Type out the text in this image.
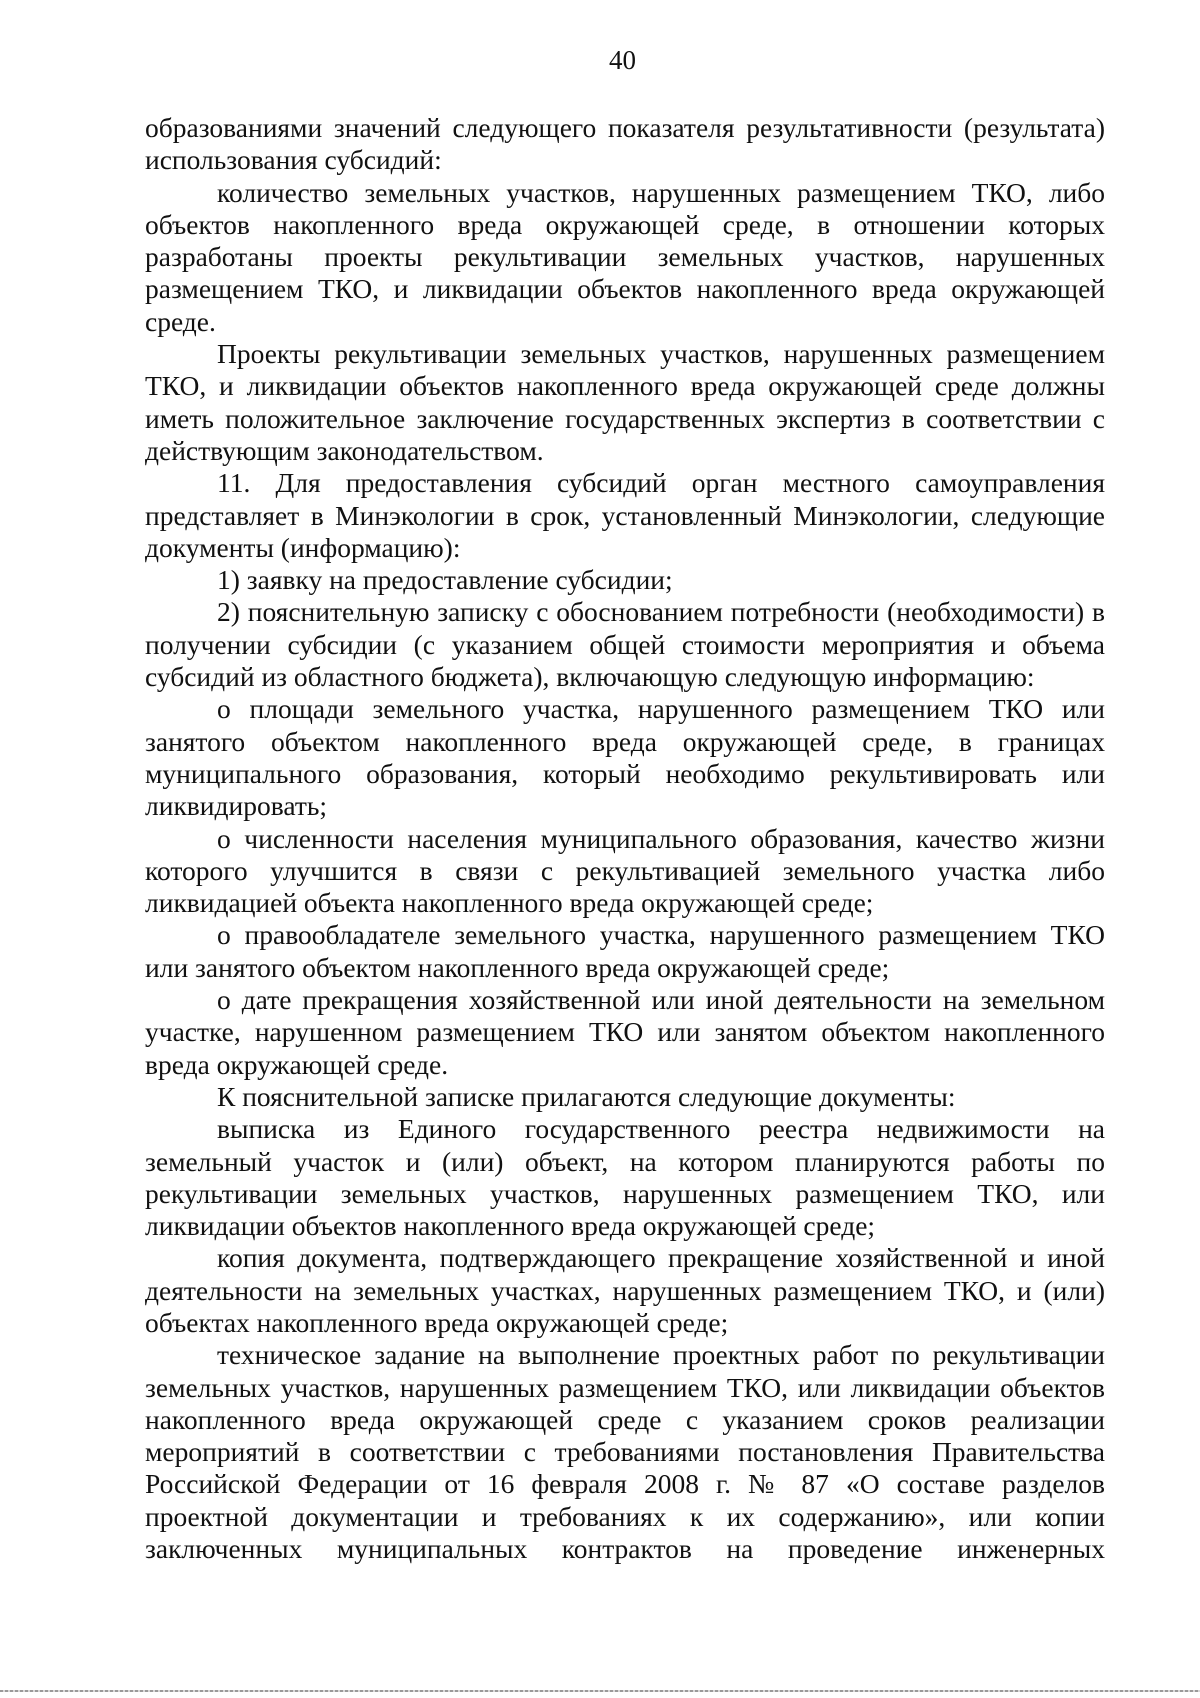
40

образованиями значений следующего показателя результативности (результата) использования субсидий:

количество земельных участков, нарушенных размещением ТКО, либо объектов накопленного вреда окружающей среде, в отношении которых разработаны проекты рекультивации земельных участков, нарушенных размещением ТКО, и ликвидации объектов накопленного вреда окружающей среде.

Проекты рекультивации земельных участков, нарушенных размещением ТКО, и ликвидации объектов накопленного вреда окружающей среде должны иметь положительное заключение государственных экспертиз в соответствии с действующим законодательством.

11. Для предоставления субсидий орган местного самоуправления представляет в Минэкологии в срок, установленный Минэкологии, следующие документы (информацию):

1) заявку на предоставление субсидии;

2) пояснительную записку с обоснованием потребности (необходимости) в получении субсидии (с указанием общей стоимости мероприятия и объема субсидий из областного бюджета), включающую следующую информацию:

о площади земельного участка, нарушенного размещением ТКО или занятого объектом накопленного вреда окружающей среде, в границах муниципального образования, который необходимо рекультивировать или ликвидировать;

о численности населения муниципального образования, качество жизни которого улучшится в связи с рекультивацией земельного участка либо ликвидацией объекта накопленного вреда окружающей среде;

о правообладателе земельного участка, нарушенного размещением ТКО или занятого объектом накопленного вреда окружающей среде;

о дате прекращения хозяйственной или иной деятельности на земельном участке, нарушенном размещением ТКО или занятом объектом накопленного вреда окружающей среде.

К пояснительной записке прилагаются следующие документы:

выписка из Единого государственного реестра недвижимости на земельный участок и (или) объект, на котором планируются работы по рекультивации земельных участков, нарушенных размещением ТКО, или ликвидации объектов накопленного вреда окружающей среде;

копия документа, подтверждающего прекращение хозяйственной и иной деятельности на земельных участках, нарушенных размещением ТКО, и (или) объектах накопленного вреда окружающей среде;

техническое задание на выполнение проектных работ по рекультивации земельных участков, нарушенных размещением ТКО, или ликвидации объектов накопленного вреда окружающей среде с указанием сроков реализации мероприятий в соответствии с требованиями постановления Правительства Российской Федерации от 16 февраля 2008 г. № 87 «О составе разделов проектной документации и требованиях к их содержанию», или копии заключенных муниципальных контрактов на проведение инженерных
